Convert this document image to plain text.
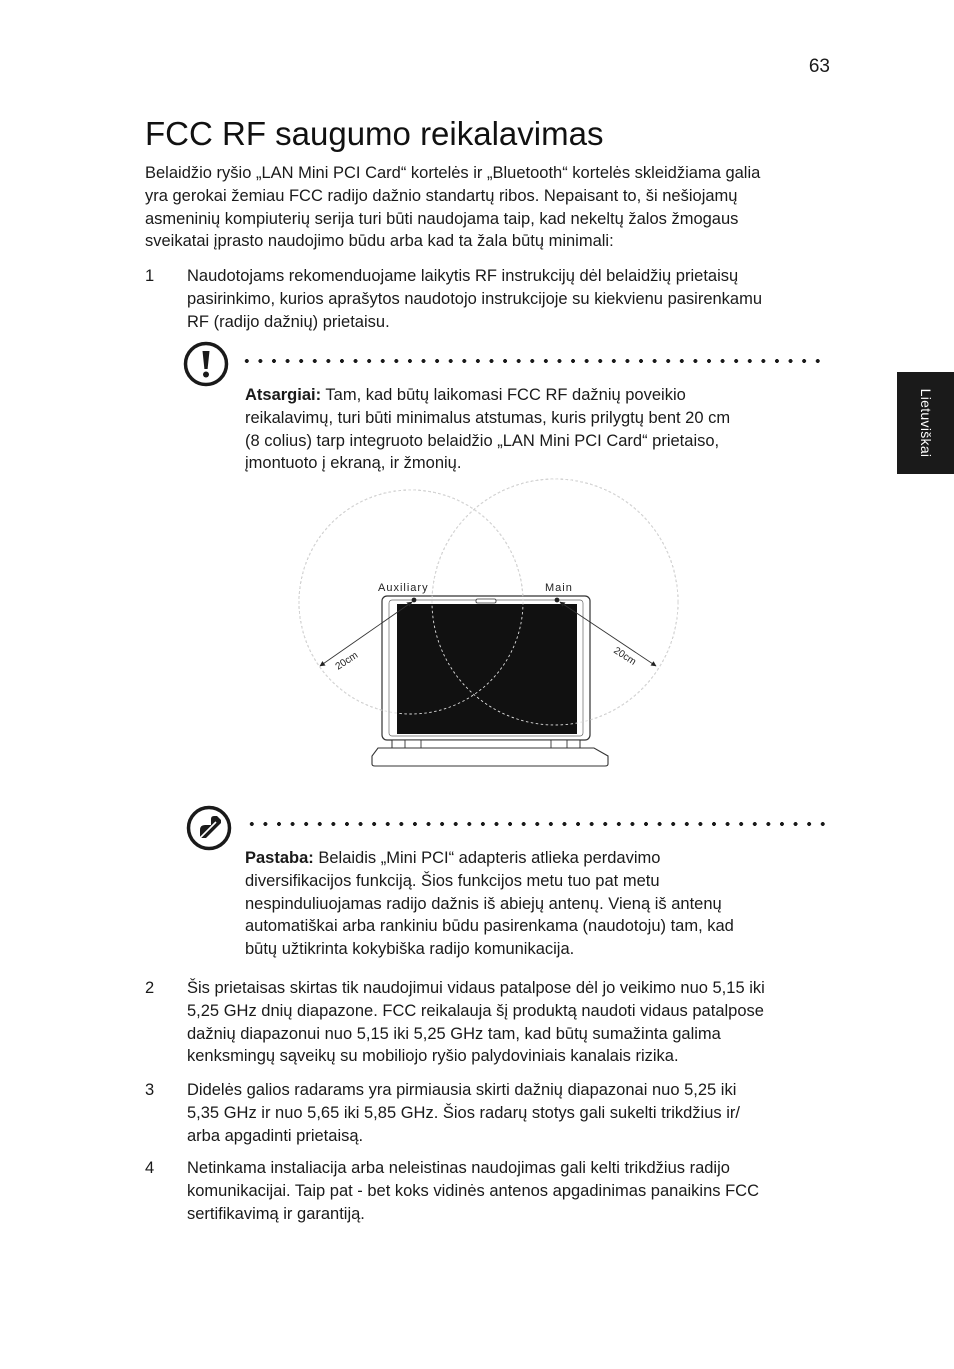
63
Lietuviškai
FCC RF saugumo reikalavimas
Belaidžio ryšio „LAN Mini PCI Card“ kortelės ir „Bluetooth“ kortelės skleidžiama galia
yra gerokai žemiau FCC radijo dažnio standartų ribos. Nepaisant to, ši nešiojamų
asmeninių kompiuterių serija turi būti naudojama taip, kad nekeltų žalos žmogaus
sveikatai įprasto naudojimo būdu arba kad ta žala būtų minimali:
1	Naudotojams rekomenduojame laikytis RF instrukcijų dėl belaidžių prietaisų
pasirinkimo, kurios aprašytos naudotojo instrukcijoje su kiekvienu pasirenkamu
RF (radijo dažnių) prietaisu.
Atsargiai: Tam, kad būtų laikomasi FCC RF dažnių poveikio
reikalavimų, turi būti minimalus atstumas, kuris prilygtų bent 20 cm
(8 colius) tarp integruoto belaidžio „LAN Mini PCI Card“ prietaiso,
įmontuoto į ekraną, ir žmonių.
Auxiliary	Main
20cm	20cm
Pastaba: Belaidis „Mini PCI“ adapteris atlieka perdavimo
diversifikacijos funkciją. Šios funkcijos metu tuo pat metu
nespinduliuojamas radijo dažnis iš abiejų antenų. Vieną iš antenų
automatiškai arba rankiniu būdu pasirenkama (naudotoju) tam, kad
būtų užtikrinta kokybiška radijo komunikacija.
2	Šis prietaisas skirtas tik naudojimui vidaus patalpose dėl jo veikimo nuo 5,15 iki
5,25 GHz dnių diapazone. FCC reikalauja šį produktą naudoti vidaus patalpose
dažnių diapazonui nuo 5,15 iki 5,25 GHz tam, kad būtų sumažinta galima
kenksmingų sąveikų su mobiliojo ryšio palydoviniais kanalais rizika.
3	Didelės galios radarams yra pirmiausia skirti dažnių diapazonai nuo 5,25 iki
5,35 GHz ir nuo 5,65 iki 5,85 GHz. Šios radarų stotys gali sukelti trikdžius ir/
arba apgadinti prietaisą.
4	Netinkama instaliacija arba neleistinas naudojimas gali kelti trikdžius radijo
komunikacijai. Taip pat - bet koks vidinės antenos apgadinimas panaikins FCC
sertifikavimą ir garantiją.
